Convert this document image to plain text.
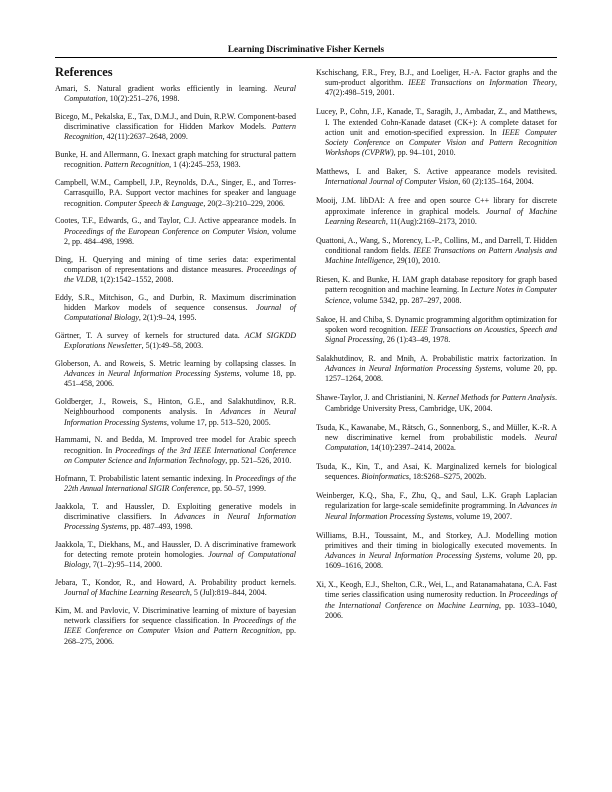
Learning Discriminative Fisher Kernels
References
Amari, S. Natural gradient works efficiently in learning. Neural Computation, 10(2):251–276, 1998.
Bicego, M., Pekalska, E., Tax, D.M.J., and Duin, R.P.W. Component-based discriminative classification for Hidden Markov Models. Pattern Recognition, 42(11):2637–2648, 2009.
Bunke, H. and Allermann, G. Inexact graph matching for structural pattern recognition. Pattern Recognition, 1 (4):245–253, 1983.
Campbell, W.M., Campbell, J.P., Reynolds, D.A., Singer, E., and Torres-Carrasquillo, P.A. Support vector machines for speaker and language recognition. Computer Speech & Language, 20(2–3):210–229, 2006.
Cootes, T.F., Edwards, G., and Taylor, C.J. Active appearance models. In Proceedings of the European Conference on Computer Vision, volume 2, pp. 484–498, 1998.
Ding, H. Querying and mining of time series data: experimental comparison of representations and distance measures. Proceedings of the VLDB, 1(2):1542–1552, 2008.
Eddy, S.R., Mitchison, G., and Durbin, R. Maximum discrimination hidden Markov models of sequence consensus. Journal of Computational Biology, 2(1):9–24, 1995.
Gärtner, T. A survey of kernels for structured data. ACM SIGKDD Explorations Newsletter, 5(1):49–58, 2003.
Globerson, A. and Roweis, S. Metric learning by collapsing classes. In Advances in Neural Information Processing Systems, volume 18, pp. 451–458, 2006.
Goldberger, J., Roweis, S., Hinton, G.E., and Salakhutdinov, R.R. Neighbourhood components analysis. In Advances in Neural Information Processing Systems, volume 17, pp. 513–520, 2005.
Hammami, N. and Bedda, M. Improved tree model for Arabic speech recognition. In Proceedings of the 3rd IEEE International Conference on Computer Science and Information Technology, pp. 521–526, 2010.
Hofmann, T. Probabilistic latent semantic indexing. In Proceedings of the 22th Annual International SIGIR Conference, pp. 50–57, 1999.
Jaakkola, T. and Haussler, D. Exploiting generative models in discriminative classifiers. In Advances in Neural Information Processing Systems, pp. 487–493, 1998.
Jaakkola, T., Diekhans, M., and Haussler, D. A discriminative framework for detecting remote protein homologies. Journal of Computational Biology, 7(1–2):95–114, 2000.
Jebara, T., Kondor, R., and Howard, A. Probability product kernels. Journal of Machine Learning Research, 5 (Jul):819–844, 2004.
Kim, M. and Pavlovic, V. Discriminative learning of mixture of bayesian network classifiers for sequence classification. In Proceedings of the IEEE Conference on Computer Vision and Pattern Recognition, pp. 268–275, 2006.
Kschischang, F.R., Frey, B.J., and Loeliger, H.-A. Factor graphs and the sum-product algorithm. IEEE Transactions on Information Theory, 47(2):498–519, 2001.
Lucey, P., Cohn, J.F., Kanade, T., Saragih, J., Ambadar, Z., and Matthews, I. The extended Cohn-Kanade dataset (CK+): A complete dataset for action unit and emotion-specified expression. In IEEE Computer Society Conference on Computer Vision and Pattern Recognition Workshops (CVPRW), pp. 94–101, 2010.
Matthews, I. and Baker, S. Active appearance models revisited. International Journal of Computer Vision, 60 (2):135–164, 2004.
Mooij, J.M. libDAI: A free and open source C++ library for discrete approximate inference in graphical models. Journal of Machine Learning Research, 11(Aug):2169–2173, 2010.
Quattoni, A., Wang, S., Morency, L.-P., Collins, M., and Darrell, T. Hidden conditional random fields. IEEE Transactions on Pattern Analysis and Machine Intelligence, 29(10), 2010.
Riesen, K. and Bunke, H. IAM graph database repository for graph based pattern recognition and machine learning. In Lecture Notes in Computer Science, volume 5342, pp. 287–297, 2008.
Sakoe, H. and Chiba, S. Dynamic programming algorithm optimization for spoken word recognition. IEEE Transactions on Acoustics, Speech and Signal Processing, 26 (1):43–49, 1978.
Salakhutdinov, R. and Mnih, A. Probabilistic matrix factorization. In Advances in Neural Information Processing Systems, volume 20, pp. 1257–1264, 2008.
Shawe-Taylor, J. and Christianini, N. Kernel Methods for Pattern Analysis. Cambridge University Press, Cambridge, UK, 2004.
Tsuda, K., Kawanabe, M., Rätsch, G., Sonnenborg, S., and Müller, K.-R. A new discriminative kernel from probabilistic models. Neural Computation, 14(10):2397–2414, 2002a.
Tsuda, K., Kin, T., and Asai, K. Marginalized kernels for biological sequences. Bioinformatics, 18:S268–S275, 2002b.
Weinberger, K.Q., Sha, F., Zhu, Q., and Saul, L.K. Graph Laplacian regularization for large-scale semidefinite programming. In Advances in Neural Information Processing Systems, volume 19, 2007.
Williams, B.H., Toussaint, M., and Storkey, A.J. Modelling motion primitives and their timing in biologically executed movements. In Advances in Neural Information Processing Systems, volume 20, pp. 1609–1616, 2008.
Xi, X., Keogh, E.J., Shelton, C.R., Wei, L., and Ratanamahatana, C.A. Fast time series classification using numerosity reduction. In Proceedings of the International Conference on Machine Learning, pp. 1033–1040, 2006.
